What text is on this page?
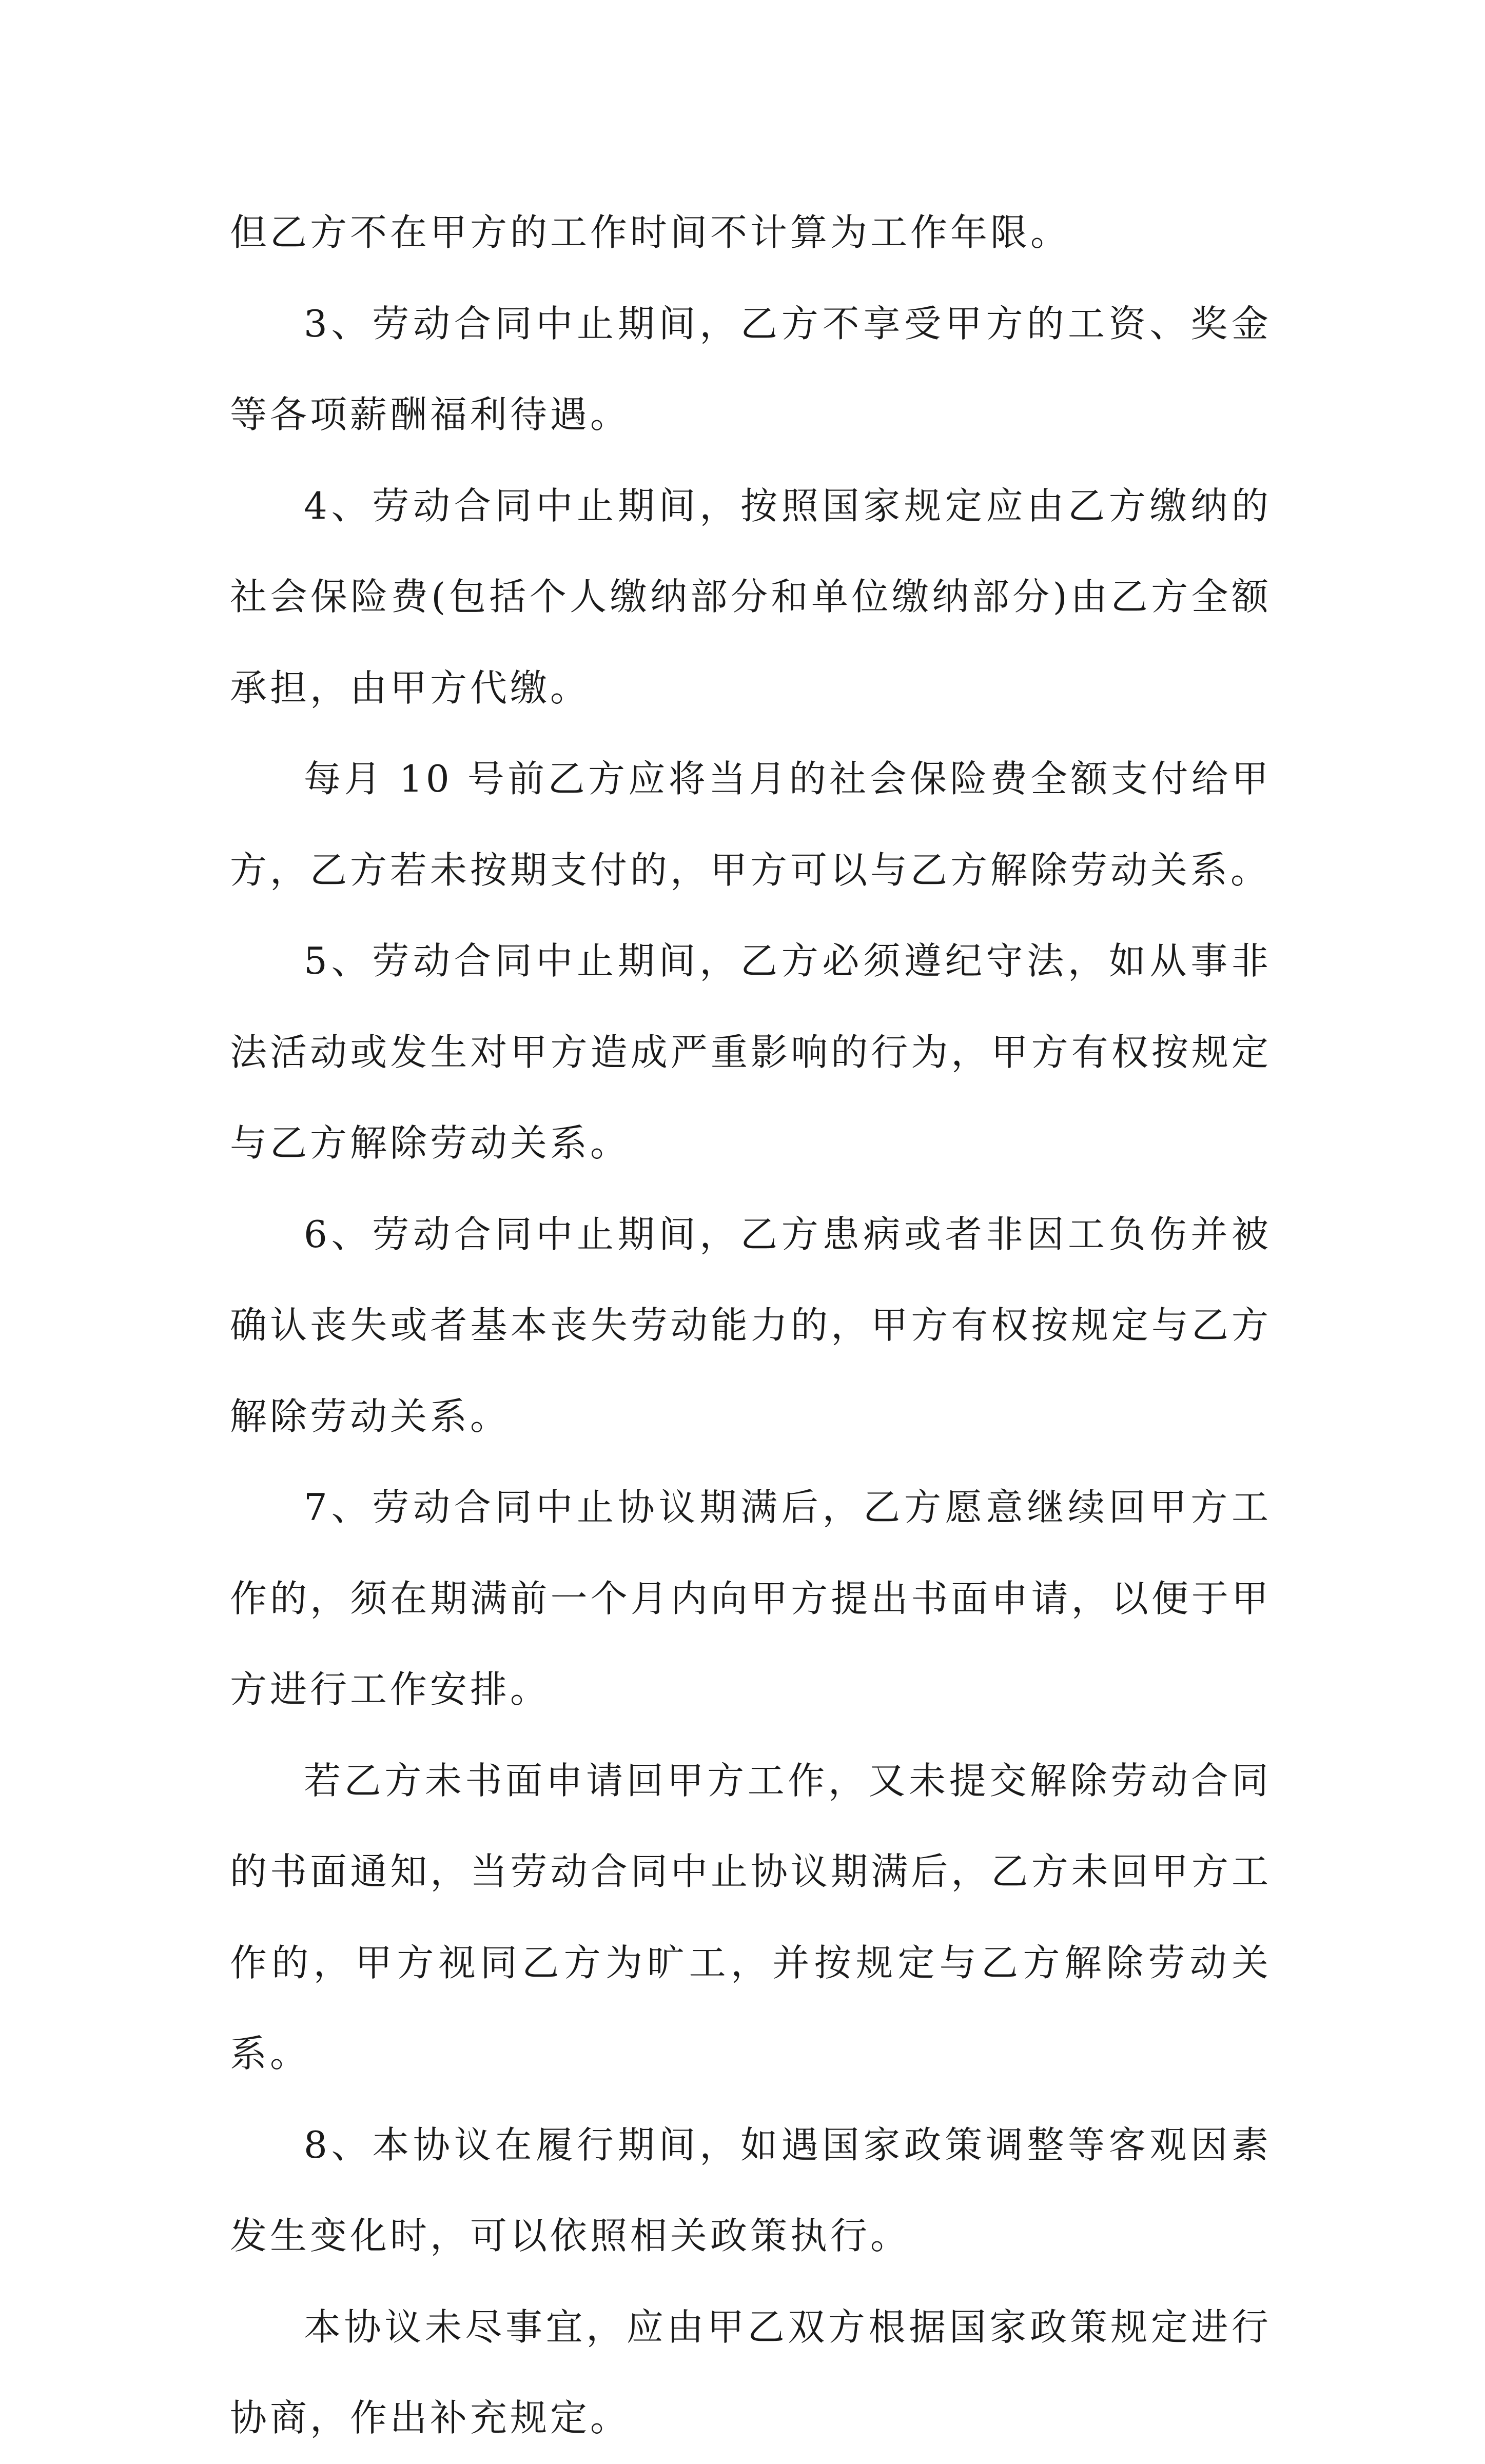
但乙方不在甲方的工作时间不计算为工作年限。

3、劳动合同中止期间，乙方不享受甲方的工资、奖金等各项薪酬福利待遇。

4、劳动合同中止期间，按照国家规定应由乙方缴纳的社会保险费(包括个人缴纳部分和单位缴纳部分)由乙方全额承担，由甲方代缴。

每月 10 号前乙方应将当月的社会保险费全额支付给甲方，乙方若未按期支付的，甲方可以与乙方解除劳动关系。

5、劳动合同中止期间，乙方必须遵纪守法，如从事非法活动或发生对甲方造成严重影响的行为，甲方有权按规定与乙方解除劳动关系。

6、劳动合同中止期间，乙方患病或者非因工负伤并被确认丧失或者基本丧失劳动能力的，甲方有权按规定与乙方解除劳动关系。

7、劳动合同中止协议期满后，乙方愿意继续回甲方工作的，须在期满前一个月内向甲方提出书面申请，以便于甲方进行工作安排。

若乙方未书面申请回甲方工作，又未提交解除劳动合同的书面通知，当劳动合同中止协议期满后，乙方未回甲方工作的，甲方视同乙方为旷工，并按规定与乙方解除劳动关系。

8、本协议在履行期间，如遇国家政策调整等客观因素发生变化时，可以依照相关政策执行。

本协议未尽事宜，应由甲乙双方根据国家政策规定进行协商，作出补充规定。
